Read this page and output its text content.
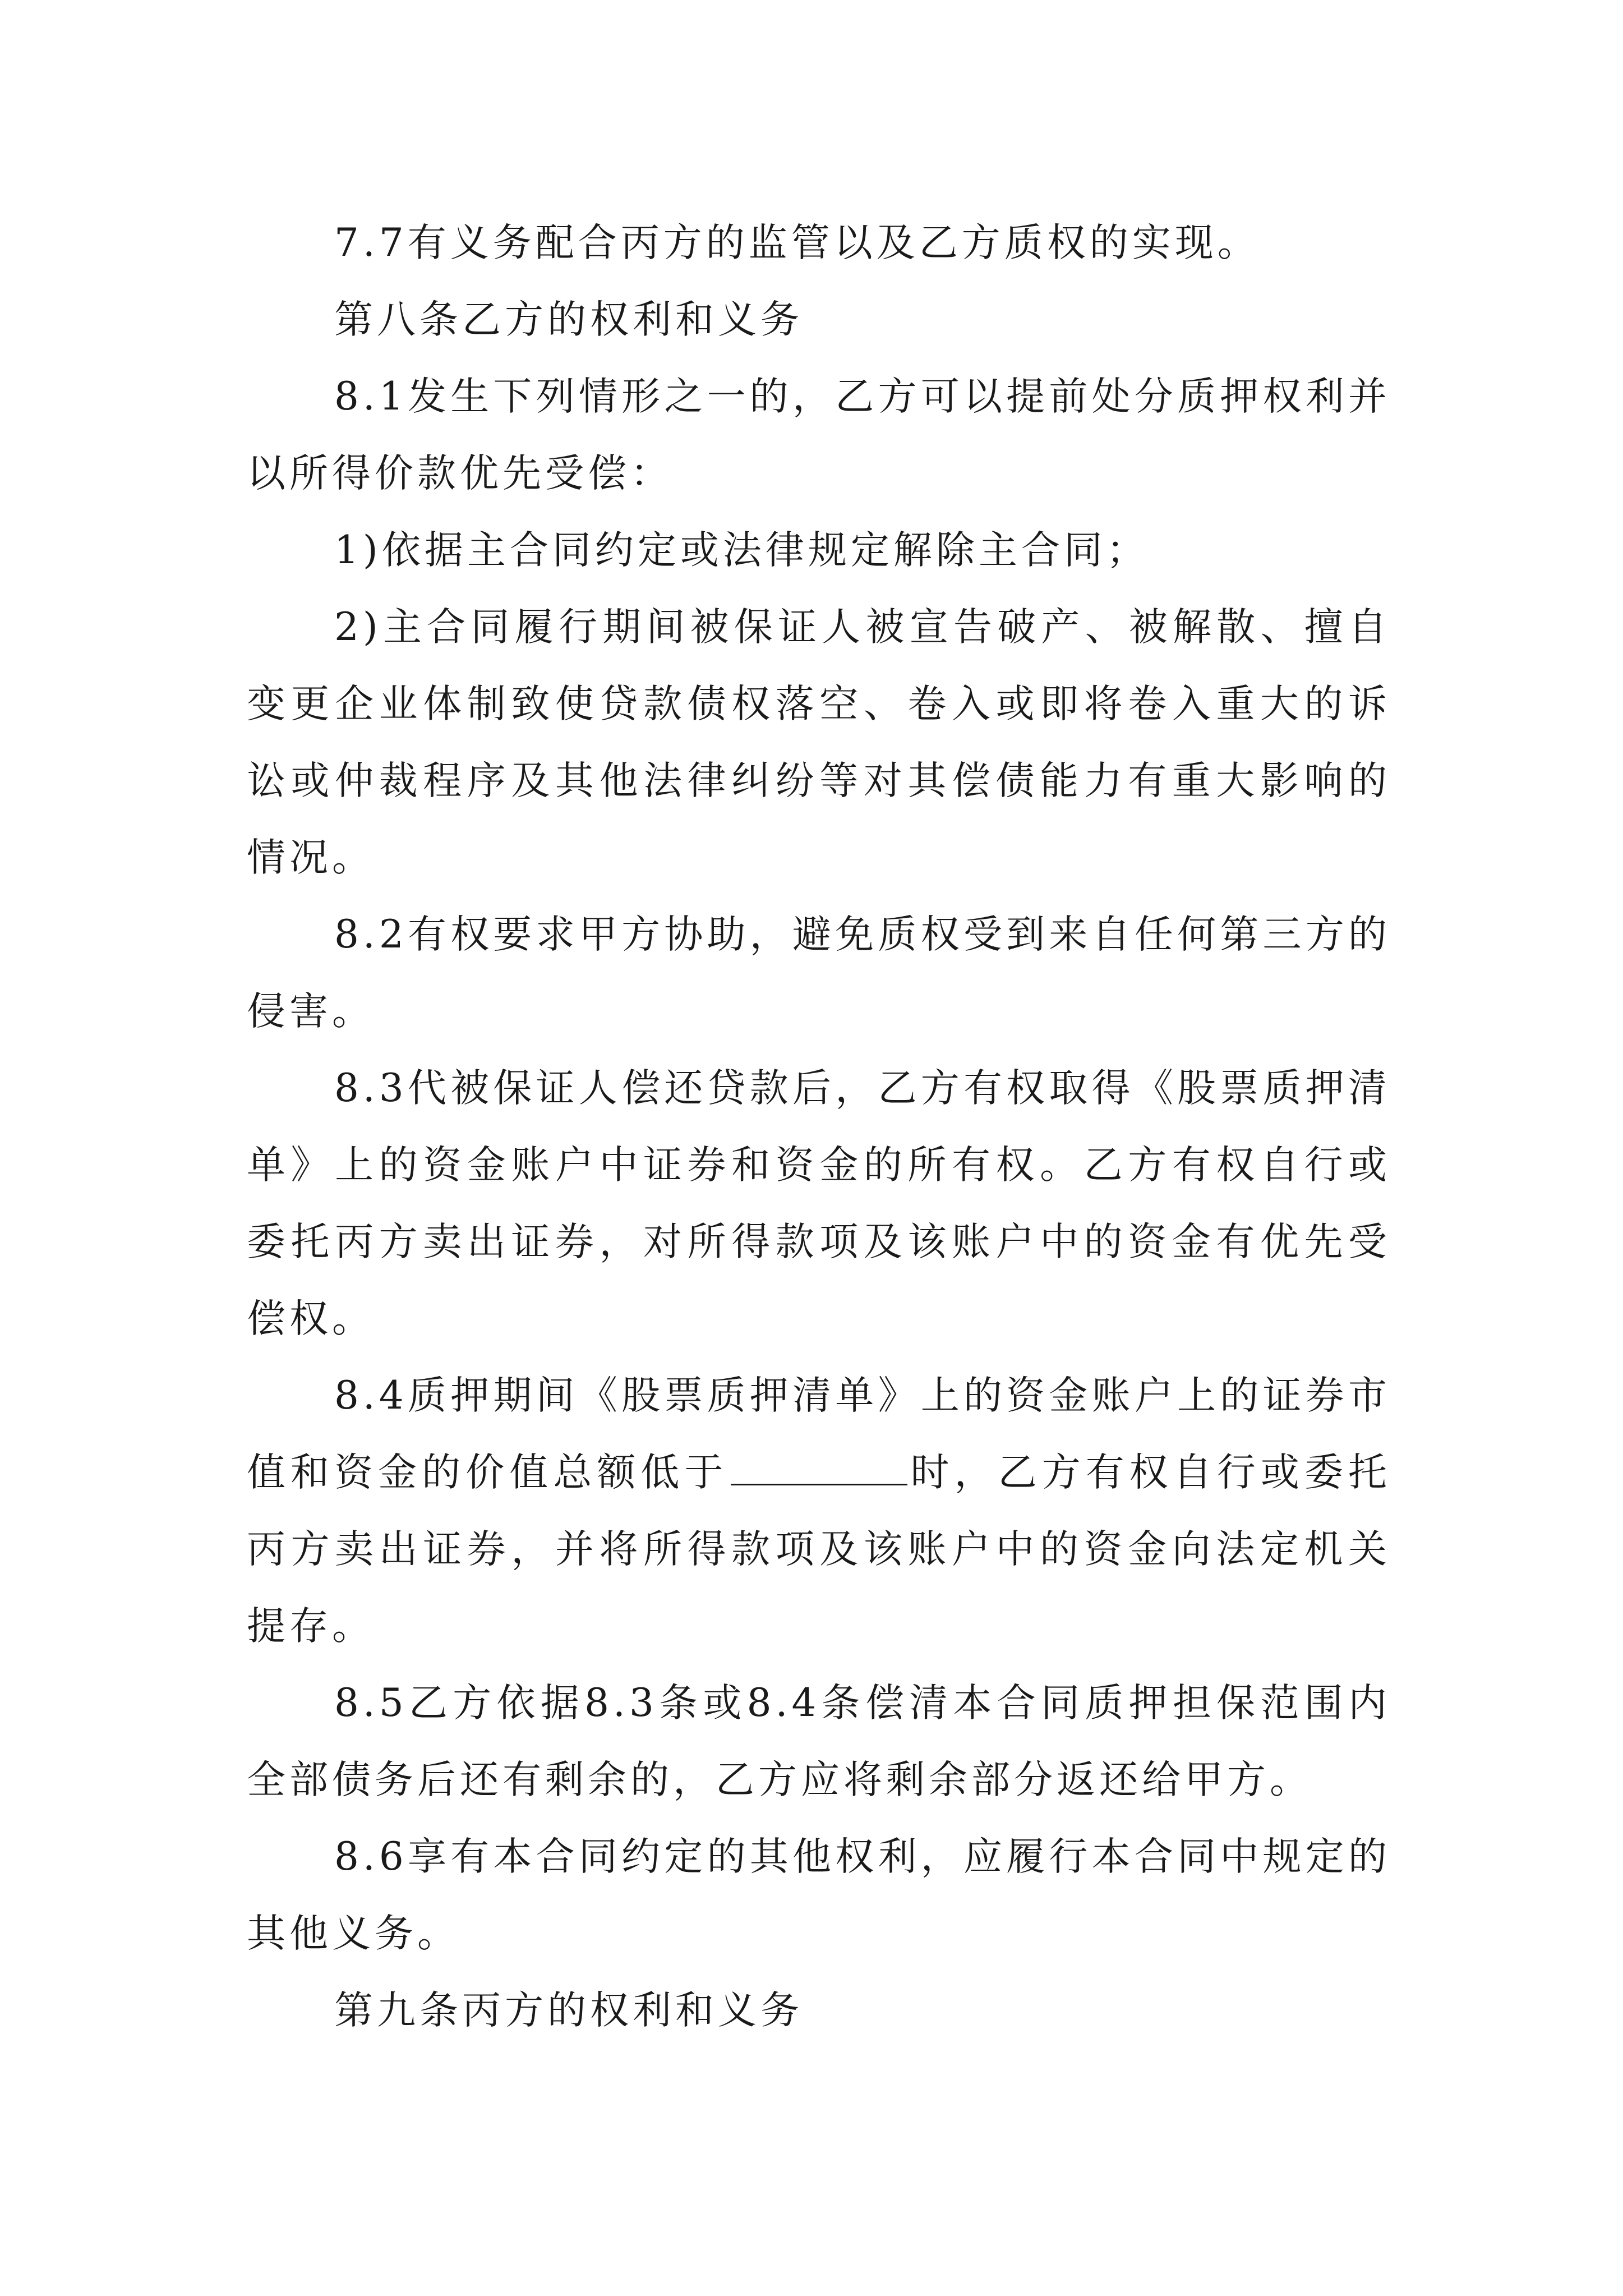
7.7有义务配合丙方的监管以及乙方质权的实现。

第八条乙方的权利和义务

8.1发生下列情形之一的，乙方可以提前处分质押权利并以所得价款优先受偿：

1)依据主合同约定或法律规定解除主合同；

2)主合同履行期间被保证人被宣告破产、被解散、擅自变更企业体制致使贷款债权落空、卷入或即将卷入重大的诉讼或仲裁程序及其他法律纠纷等对其偿债能力有重大影响的情况。

8.2有权要求甲方协助，避免质权受到来自任何第三方的侵害。

8.3代被保证人偿还贷款后，乙方有权取得《股票质押清单》上的资金账户中证券和资金的所有权。乙方有权自行或委托丙方卖出证券，对所得款项及该账户中的资金有优先受偿权。

8.4质押期间《股票质押清单》上的资金账户上的证券市值和资金的价值总额低于	时，乙方有权自行或委托丙方卖出证券，并将所得款项及该账户中的资金向法定机关提存。

8.5乙方依据8.3条或8.4条偿清本合同质押担保范围内全部债务后还有剩余的，乙方应将剩余部分返还给甲方。

8.6享有本合同约定的其他权利，应履行本合同中规定的其他义务。

第九条丙方的权利和义务
